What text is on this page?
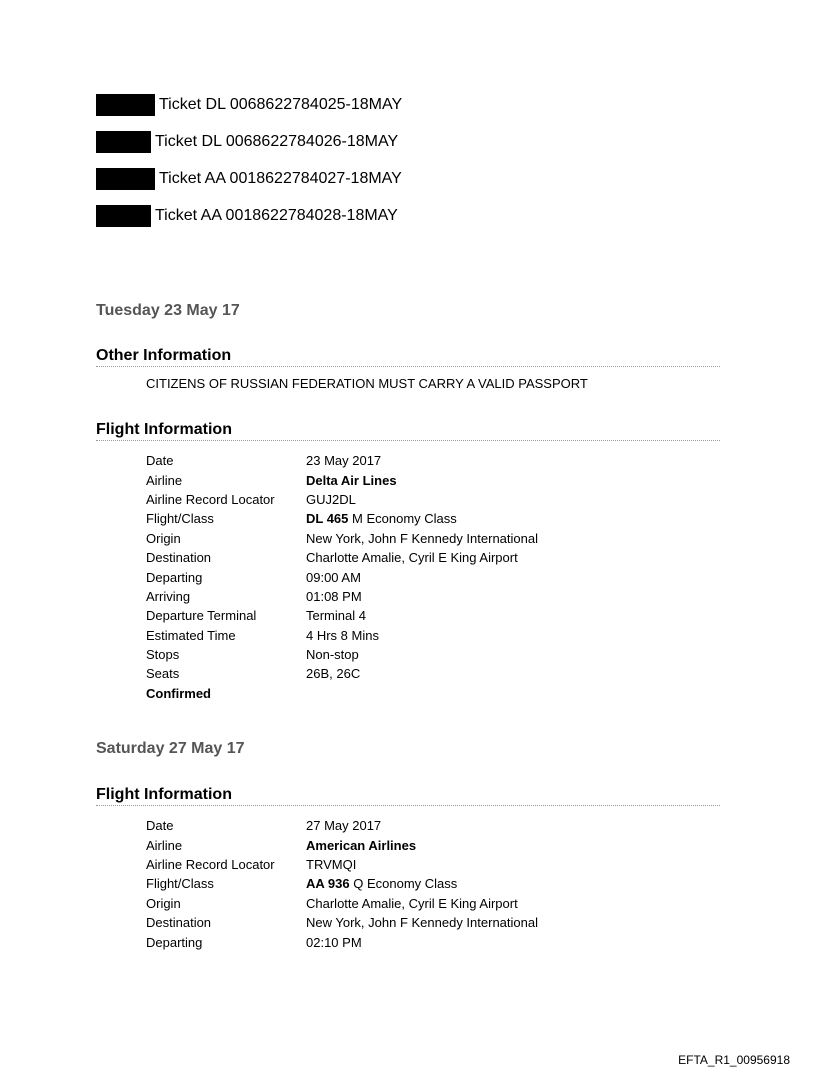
Ticket DL 0068622784025-18MAY
Ticket DL 0068622784026-18MAY
Ticket AA 0018622784027-18MAY
Ticket AA 0018622784028-18MAY
Tuesday 23 May 17
Other Information
CITIZENS OF RUSSIAN FEDERATION MUST CARRY A VALID PASSPORT
Flight Information
Date	23 May 2017
Airline	Delta Air Lines
Airline Record Locator	GUJ2DL
Flight/Class	DL 465 M Economy Class
Origin	New York, John F Kennedy International
Destination	Charlotte Amalie, Cyril E King Airport
Departing	09:00 AM
Arriving	01:08 PM
Departure Terminal	Terminal 4
Estimated Time	4 Hrs 8 Mins
Stops	Non-stop
Seats	26B, 26C
Confirmed
Saturday 27 May 17
Flight Information
Date	27 May 2017
Airline	American Airlines
Airline Record Locator	TRVMQI
Flight/Class	AA 936 Q Economy Class
Origin	Charlotte Amalie, Cyril E King Airport
Destination	New York, John F Kennedy International
Departing	02:10 PM
EFTA_R1_00956918
